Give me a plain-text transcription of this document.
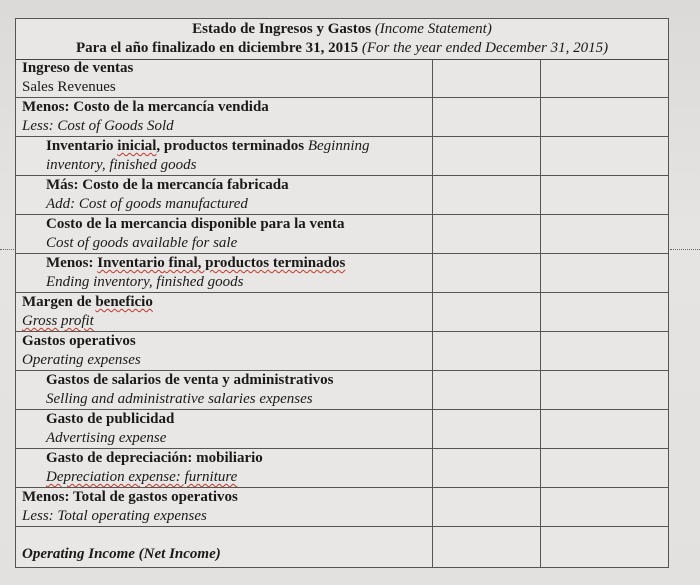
Estado de Ingresos y Gastos (Income Statement)
Para el año finalizado en diciembre 31, 2015 (For the year ended December 31, 2015)
Ingreso de ventas
Sales Revenues
Menos: Costo de la mercancía vendida
Less: Cost of Goods Sold
Inventario inicial, productos terminados Beginning
inventory, finished goods
Más: Costo de la mercancía fabricada
Add: Cost of goods manufactured
Costo de la mercancia disponible para la venta
Cost of goods available for sale
Menos: Inventario final, productos terminados
Ending inventory, finished goods
Margen de beneficio
Gross profit
Gastos operativos
Operating expenses
Gastos de salarios de venta y administrativos
Selling and administrative salaries expenses
Gasto de publicidad
Advertising expense
Gasto de depreciación: mobiliario
Depreciation expense: furniture
Menos: Total de gastos operativos
Less: Total operating expenses
Operating Income (Net Income)
